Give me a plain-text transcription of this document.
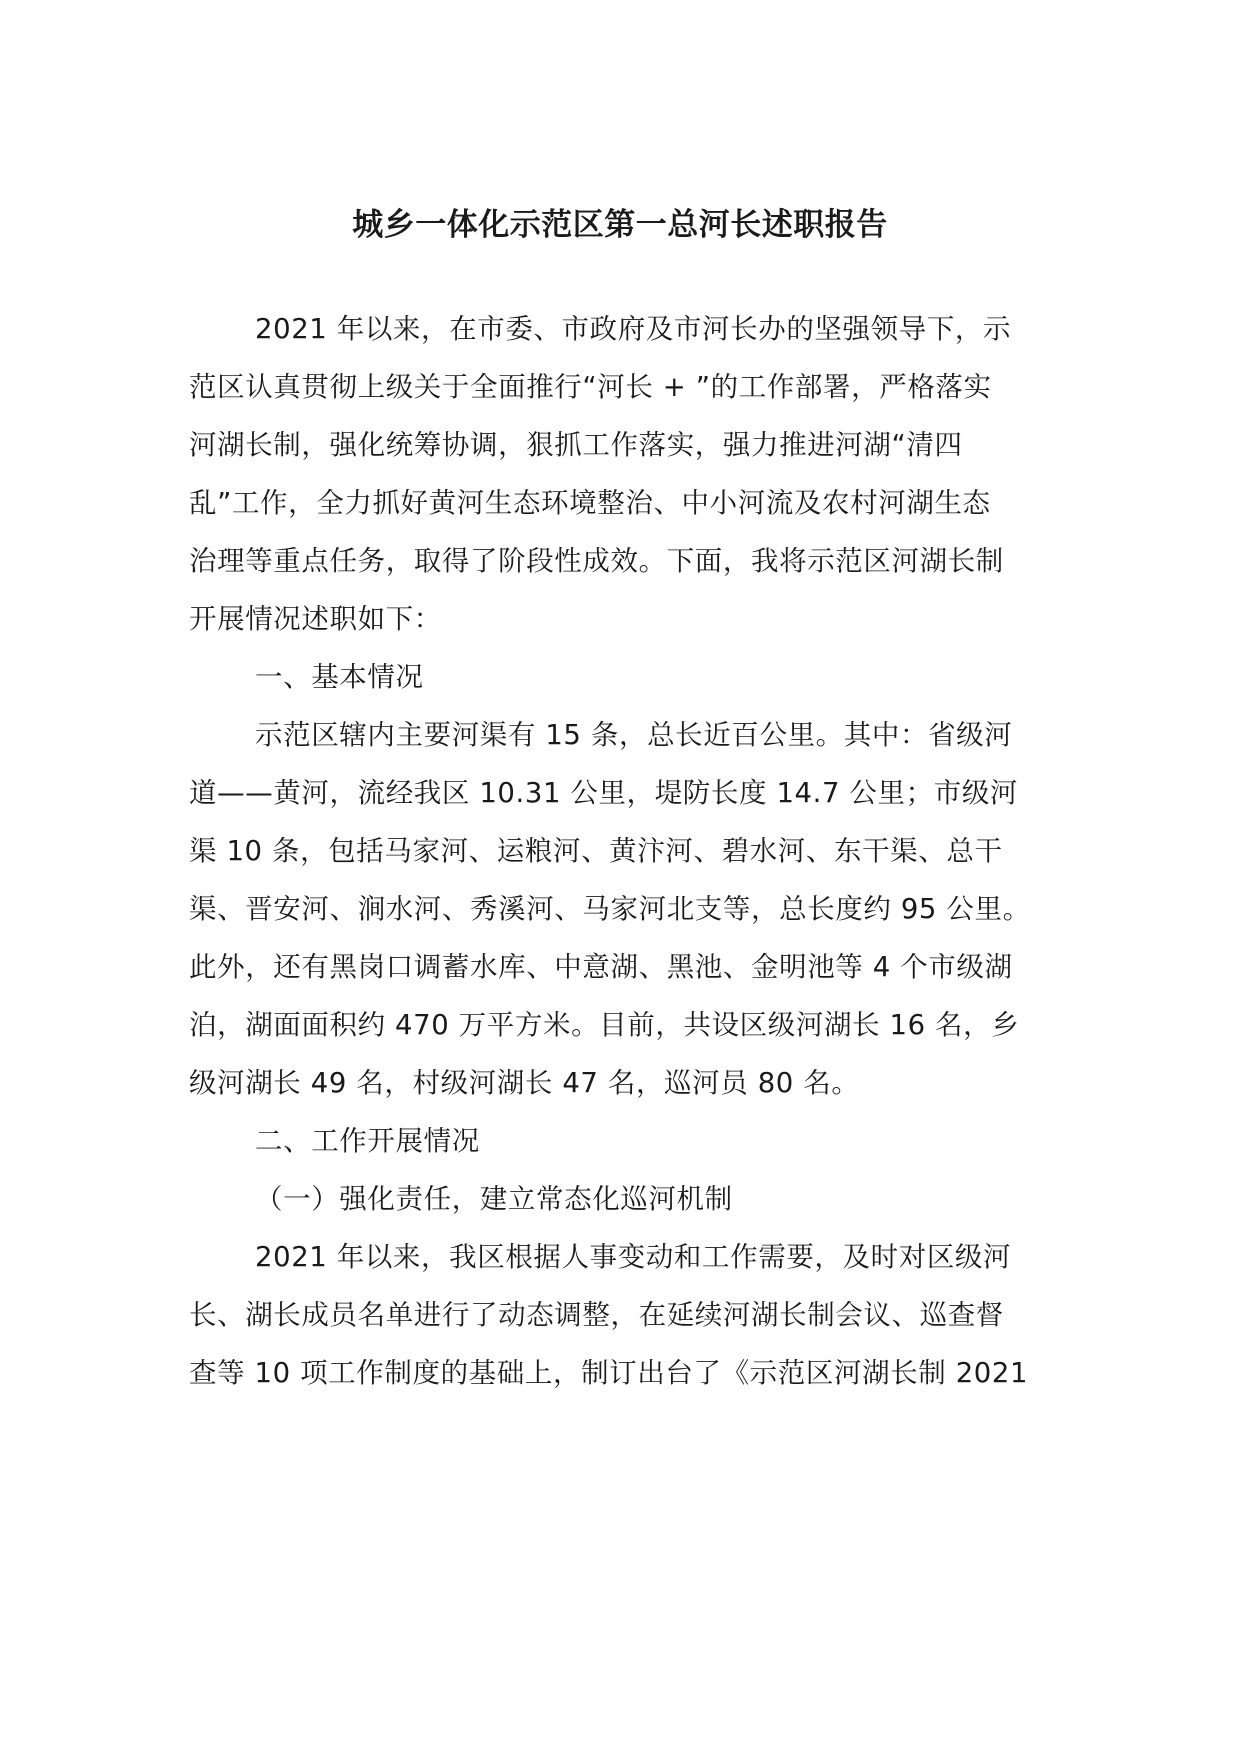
城乡一体化示范区第一总河长述职报告
2021 年以来，在市委、市政府及市河长办的坚强领导下，示
范区认真贯彻上级关于全面推行“河长 + ”的工作部署，严格落实
河湖长制，强化统筹协调，狠抓工作落实，强力推进河湖“清四
乱”工作，全力抓好黄河生态环境整治、中小河流及农村河湖生态
治理等重点任务，取得了阶段性成效。下面，我将示范区河湖长制
开展情况述职如下：
一、基本情况
示范区辖内主要河渠有 15 条，总长近百公里。其中：省级河
道——黄河，流经我区 10.31 公里，堤防长度 14.7 公里；市级河
渠 10 条，包括马家河、运粮河、黄汴河、碧水河、东干渠、总干
渠、晋安河、涧水河、秀溪河、马家河北支等，总长度约 95 公里。
此外，还有黑岗口调蓄水库、中意湖、黑池、金明池等 4 个市级湖
泊，湖面面积约 470 万平方米。目前，共设区级河湖长 16 名，乡
级河湖长 49 名，村级河湖长 47 名，巡河员 80 名。
二、工作开展情况
（一）强化责任，建立常态化巡河机制
2021 年以来，我区根据人事变动和工作需要，及时对区级河
长、湖长成员名单进行了动态调整，在延续河湖长制会议、巡查督
查等 10 项工作制度的基础上，制订出台了《示范区河湖长制 2021
